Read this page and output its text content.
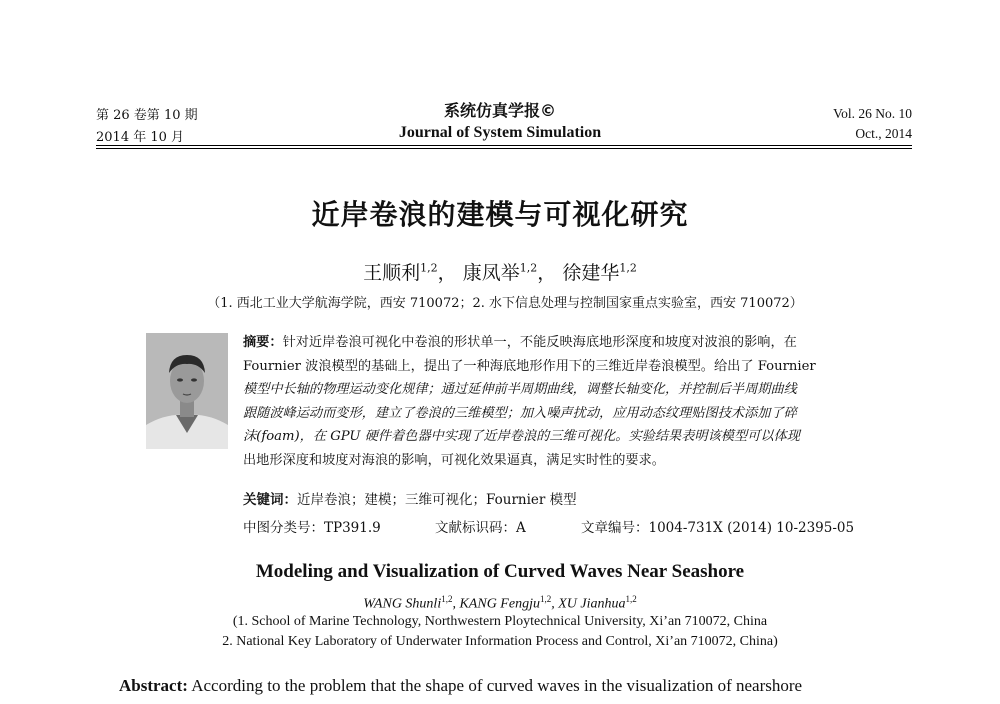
第 26 卷第 10 期
2014 年 10 月
系统仿真学报©
Journal of System Simulation
Vol. 26 No. 10
Oct., 2014
近岸卷浪的建模与可视化研究
王顺利$^{1,2}$， 康凤举$^{1,2}$， 徐建华$^{1,2}$
（1. 西北工业大学航海学院，西安 710072；2. 水下信息处理与控制国家重点实验室，西安 710072）
摘要：针对近岸卷浪可视化中卷浪的形状单一，不能反映海底地形深度和坡度对波浪的影响，在
Fournier 波浪模型的基础上，提出了一种海底地形作用下的三维近岸卷浪模型。给出了 Fournier
模型中长轴的物理运动变化规律；通过延伸前半周期曲线，调整长轴变化，并控制后半周期曲线
跟随波峰运动而变形，建立了卷浪的三维模型；加入噪声扰动，应用动态纹理贴图技术添加了碎
沫(foam)，在 GPU 硬件着色器中实现了近岸卷浪的三维可视化。实验结果表明该模型可以体现
出地形深度和坡度对海浪的影响，可视化效果逼真，满足实时性的要求。
关键词：近岸卷浪；建模；三维可视化；Fournier 模型
中图分类号：TP391.9	文献标识码：A	文章编号：1004-731X (2014) 10-2395-05
Modeling and Visualization of Curved Waves Near Seashore
WANG Shunli$^{1,2}$, KANG Fengju$^{1,2}$, XU Jianhua$^{1,2}$
(1. School of Marine Technology, Northwestern Ploytechnical University, Xi’an 710072, China
2. National Key Laboratory of Underwater Information Process and Control, Xi’an 710072, China)
Abstract: According to the problem that the shape of curved waves in the visualization of nearshore
